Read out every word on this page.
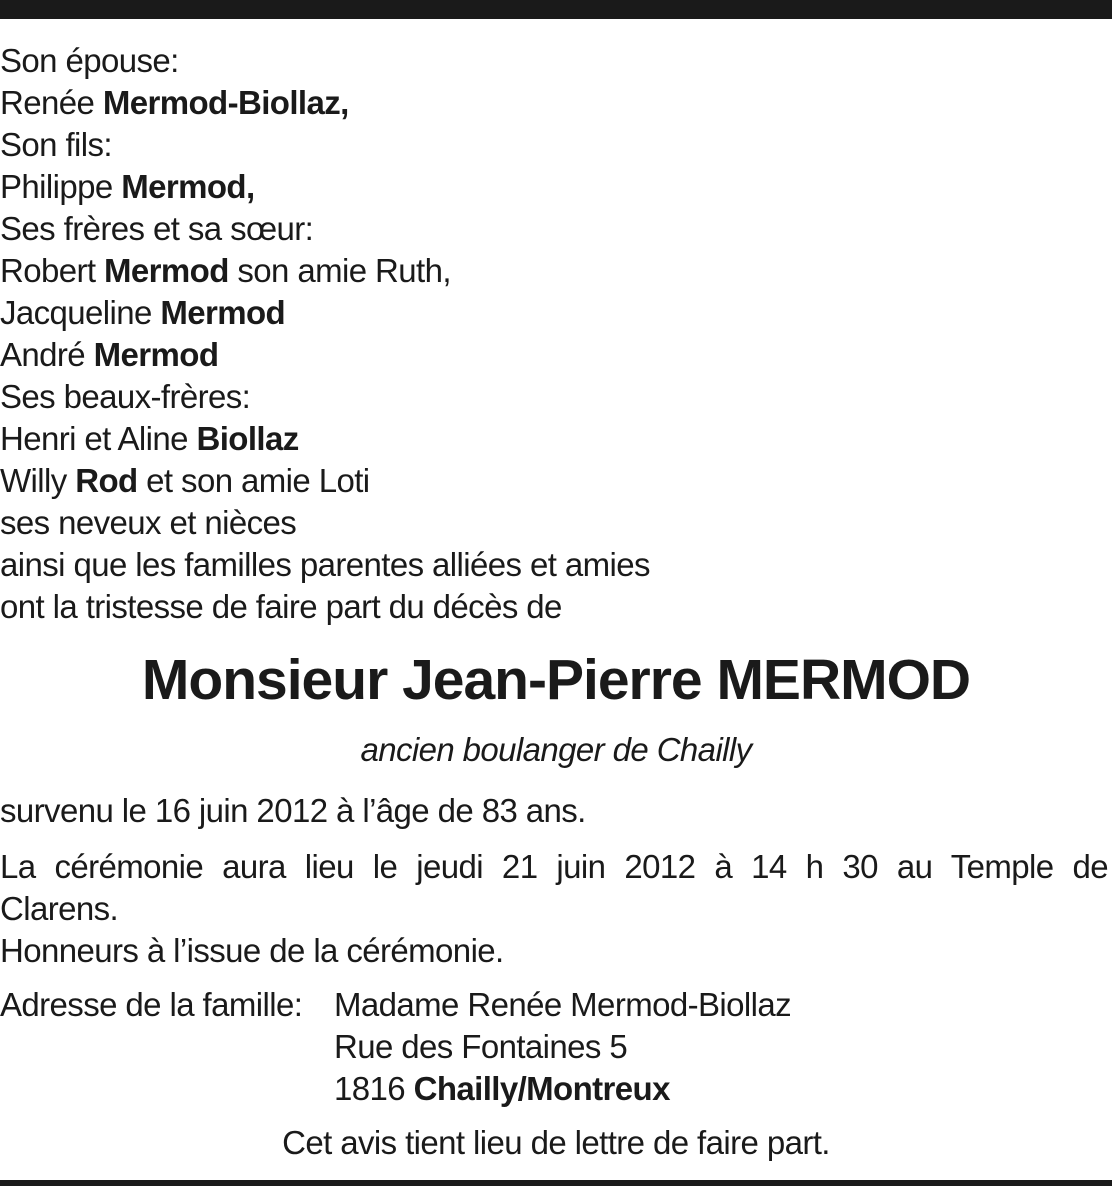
Son épouse:
Renée Mermod-Biollaz,
Son fils:
Philippe Mermod,
Ses frères et sa sœur:
Robert Mermod son amie Ruth,
Jacqueline Mermod
André Mermod
Ses beaux-frères:
Henri et Aline Biollaz
Willy Rod et son amie Loti
ses neveux et nièces
ainsi que les familles parentes alliées et amies
ont la tristesse de faire part du décès de
Monsieur Jean-Pierre MERMOD
ancien boulanger de Chailly
survenu le 16 juin 2012 à l’âge de 83 ans.
La cérémonie aura lieu le jeudi 21 juin 2012 à 14 h 30 au Temple de
Clarens.
Honneurs à l’issue de la cérémonie.
Adresse de la famille: Madame Renée Mermod-Biollaz
Rue des Fontaines 5
1816 Chailly/Montreux
Cet avis tient lieu de lettre de faire part.
